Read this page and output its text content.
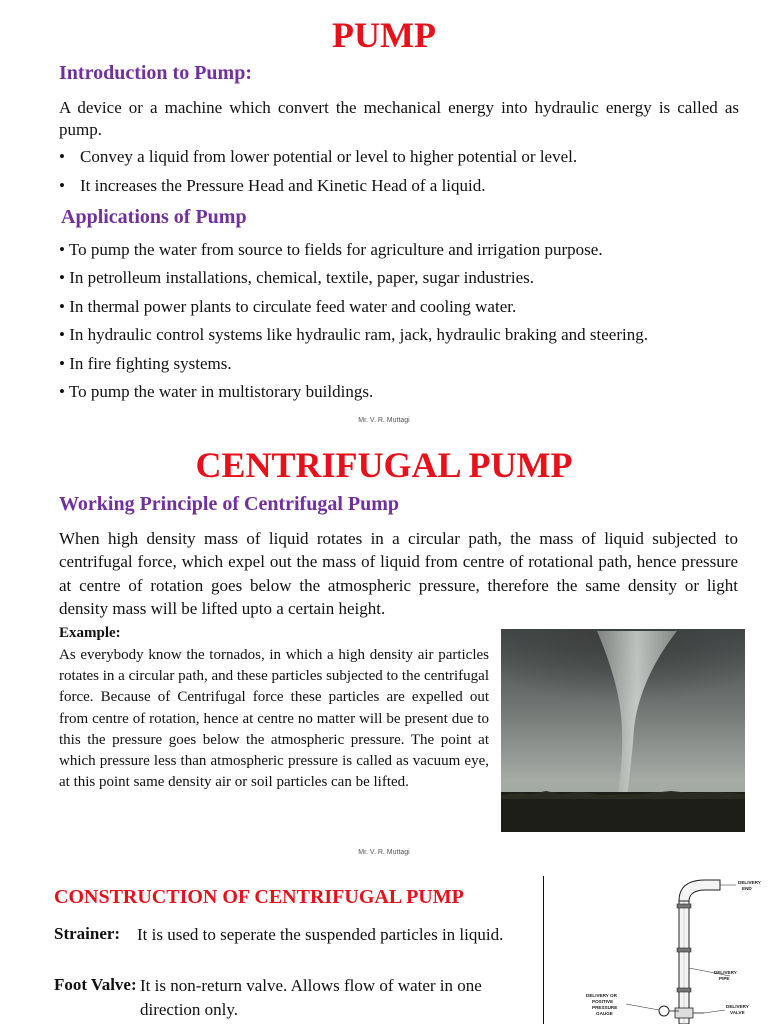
PUMP
Introduction to Pump:
A device or a machine which convert the mechanical energy into hydraulic energy is called as pump.
• Convey a liquid from lower potential or level to higher potential or level.
• It increases the Pressure Head and Kinetic Head of a liquid.
Applications of Pump
• To pump the water from source to fields for agriculture and irrigation purpose.
• In petrolleum installations, chemical, textile, paper, sugar industries.
• In thermal power plants to circulate feed water and cooling water.
• In hydraulic control systems like hydraulic ram, jack, hydraulic braking and steering.
• In fire fighting systems.
• To pump the water in multistorary buildings.
Mr. V. R. Muttagi
CENTRIFUGAL PUMP
Working Principle of Centrifugal Pump
When high density mass of liquid rotates in a circular path, the mass of liquid subjected to centrifugal force, which expel out the mass of liquid from centre of rotational path, hence pressure at centre of rotation goes below the atmospheric pressure, therefore the same density or light density mass will be lifted upto a certain height.
Example:
As everybody know the tornados, in which a high density air particles rotates in a circular path, and these particles subjected to the centrifugal force. Because of Centrifugal force these particles are expelled out from centre of rotation, hence at centre no matter will be present due to this the pressure goes below the atmospheric pressure. The point at which pressure less than atmospheric pressure is called as vacuum eye, at this point same density air or soil particles can be lifted.
Mr. V. R. Muttagi
CONSTRUCTION OF CENTRIFUGAL PUMP
Strainer: It is used to seperate the suspended particles in liquid.
Foot Valve: It is non-return valve. Allows flow of water in one direction only.
DELIVERY
END
DELIVERY
PIPE
DELIVERY OR
POSITIVE
PRESSURE
GAUGE
DELIVERY
VALVE
